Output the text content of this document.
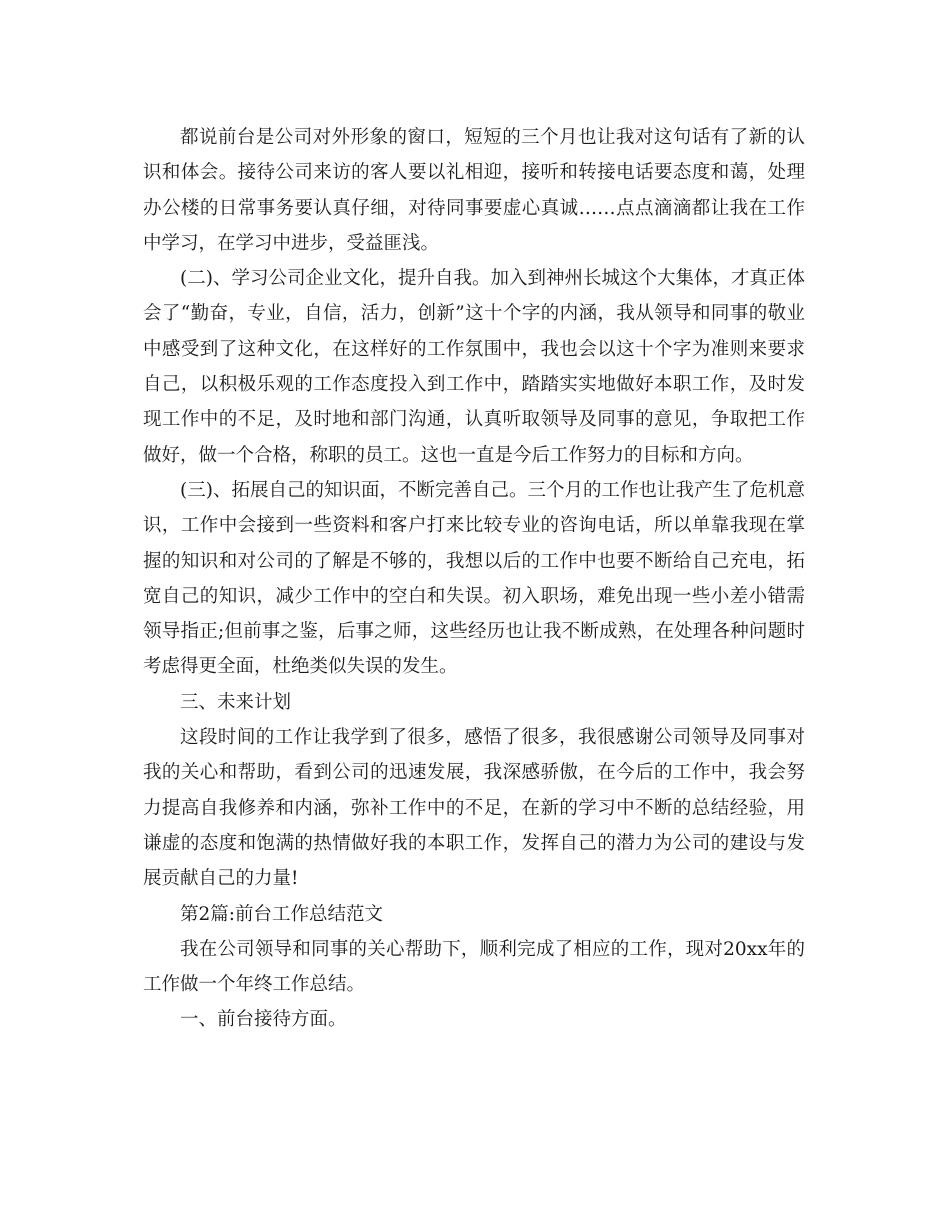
都说前台是公司对外形象的窗口，短短的三个月也让我对这句话有了新的认识和体会。接待公司来访的客人要以礼相迎，接听和转接电话要态度和蔼，处理办公楼的日常事务要认真仔细，对待同事要虚心真诚……点点滴滴都让我在工作中学习，在学习中进步，受益匪浅。

(二)、学习公司企业文化，提升自我。加入到神州长城这个大集体，才真正体会了“勤奋，专业，自信，活力，创新”这十个字的内涵，我从领导和同事的敬业中感受到了这种文化，在这样好的工作氛围中，我也会以这十个字为准则来要求自己，以积极乐观的工作态度投入到工作中，踏踏实实地做好本职工作，及时发现工作中的不足，及时地和部门沟通，认真听取领导及同事的意见，争取把工作做好，做一个合格，称职的员工。这也一直是今后工作努力的目标和方向。

(三)、拓展自己的知识面，不断完善自己。三个月的工作也让我产生了危机意识，工作中会接到一些资料和客户打来比较专业的咨询电话，所以单靠我现在掌握的知识和对公司的了解是不够的，我想以后的工作中也要不断给自己充电，拓宽自己的知识，减少工作中的空白和失误。初入职场，难免出现一些小差小错需领导指正;但前事之鉴，后事之师，这些经历也让我不断成熟，在处理各种问题时考虑得更全面，杜绝类似失误的发生。

三、未来计划

这段时间的工作让我学到了很多，感悟了很多，我很感谢公司领导及同事对我的关心和帮助，看到公司的迅速发展，我深感骄傲，在今后的工作中，我会努力提高自我修养和内涵，弥补工作中的不足，在新的学习中不断的总结经验，用谦虚的态度和饱满的热情做好我的本职工作，发挥自己的潜力为公司的建设与发展贡献自己的力量!

第2篇:前台工作总结范文

我在公司领导和同事的关心帮助下，顺利完成了相应的工作，现对20xx年的工作做一个年终工作总结。

一、前台接待方面。
